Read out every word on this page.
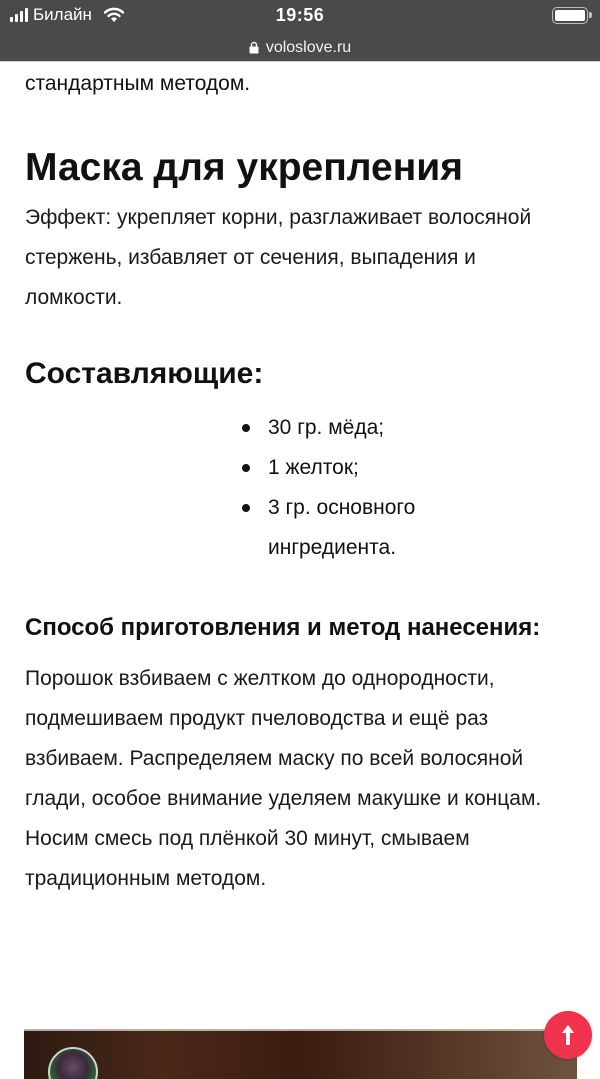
Билайн	19:56
voloslove.ru
стандартным методом.
Маска для укрепления

Эффект: укрепляет корни, разглаживает волосяной стержень, избавляет от сечения, выпадения и ломкости.

Составляющие:
30 гр. мёда;
1 желток;
3 гр. основного ингредиента.
Способ приготовления и метод нанесения:

Порошок взбиваем с желтком до однородности, подмешиваем продукт пчеловодства и ещё раз взбиваем. Распределяем маску по всей волосяной глади, особое внимание уделяем макушке и концам. Носим смесь под плёнкой 30 минут, смываем традиционным методом.
